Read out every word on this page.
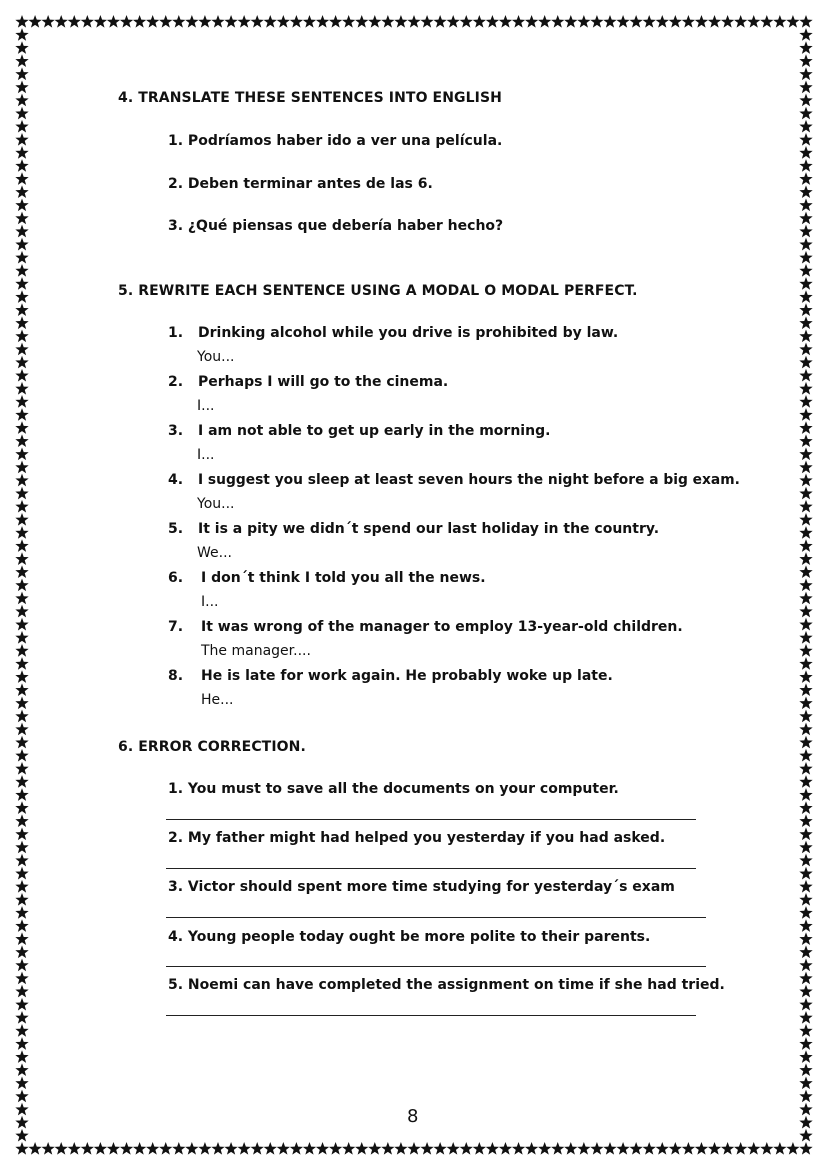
4. TRANSLATE THESE SENTENCES INTO ENGLISH
1. Podríamos haber ido a ver una película.
2. Deben terminar antes de las 6.
3. ¿Qué piensas que debería haber hecho?
5. REWRITE EACH SENTENCE USING A MODAL O MODAL PERFECT.
1. Drinking alcohol while you drive is prohibited by law.
You...
2. Perhaps I will go to the cinema.
I...
3. I am not able to get up early in the morning.
I...
4. I suggest you sleep at least seven hours the night before a big exam.
You...
5. It is a pity we didn´t spend our last holiday in the country.
We...
6. I don´t think I told you all the news.
I...
7. It was wrong of the manager to employ 13-year-old children.
The manager....
8. He is late for work again. He probably woke up late.
He...
6. ERROR CORRECTION.
1. You must to save all the documents on your computer.
2. My father might had helped you yesterday if you had asked.
3. Victor should spent more time studying for yesterday´s exam
4. Young people today ought be more polite to their parents.
5. Noemi can have completed the assignment on time if she had tried.
8
